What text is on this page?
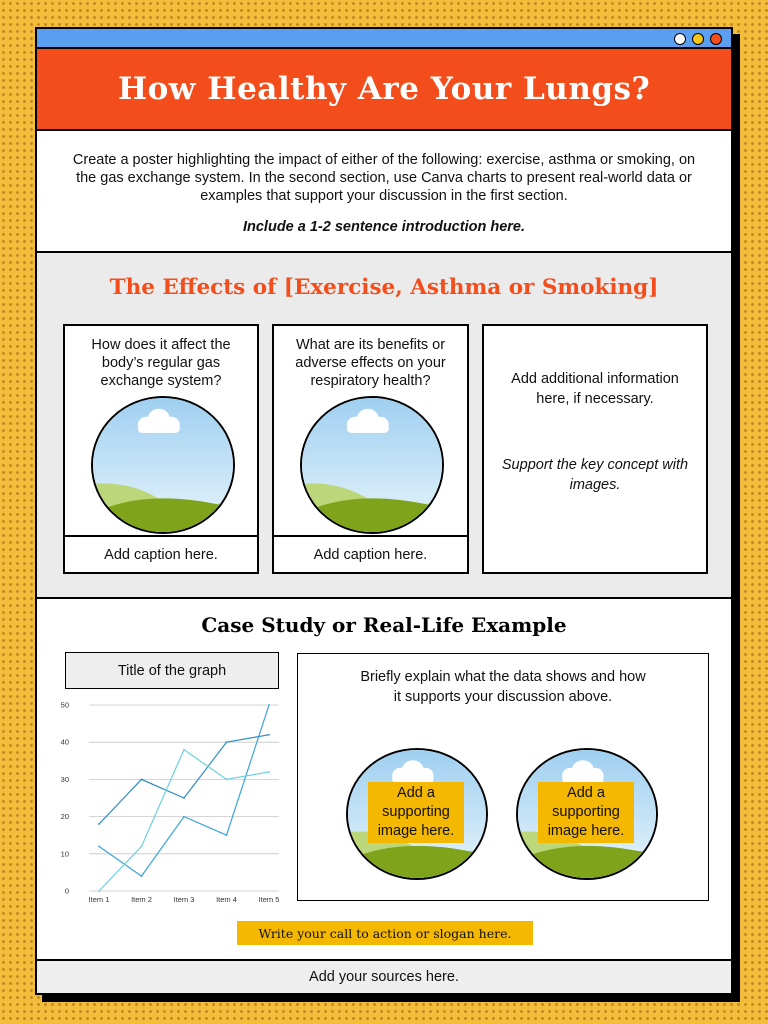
How Healthy Are Your Lungs?

Create a poster highlighting the impact of either of the following: exercise, asthma or smoking, on the gas exchange system. In the second section, use Canva charts to present real-world data or examples that support your discussion in the first section.

Include a 1-2 sentence introduction here.

The Effects of [Exercise, Asthma or Smoking]

How does it affect the body’s regular gas exchange system?

Add caption here.

What are its benefits or adverse effects on your respiratory health?

Add caption here.

Add additional information here, if necessary.

Support the key concept with images.

Case Study or Real-Life Example
Title of the graph
0
10
20
30
40
50
Item 1	Item 2	Item 3	Item 4	Item 5

Briefly explain what the data shows and how it supports your discussion above.

Add a supporting image here.
Add a supporting image here.
Write your call to action or slogan here.
Add your sources here.
